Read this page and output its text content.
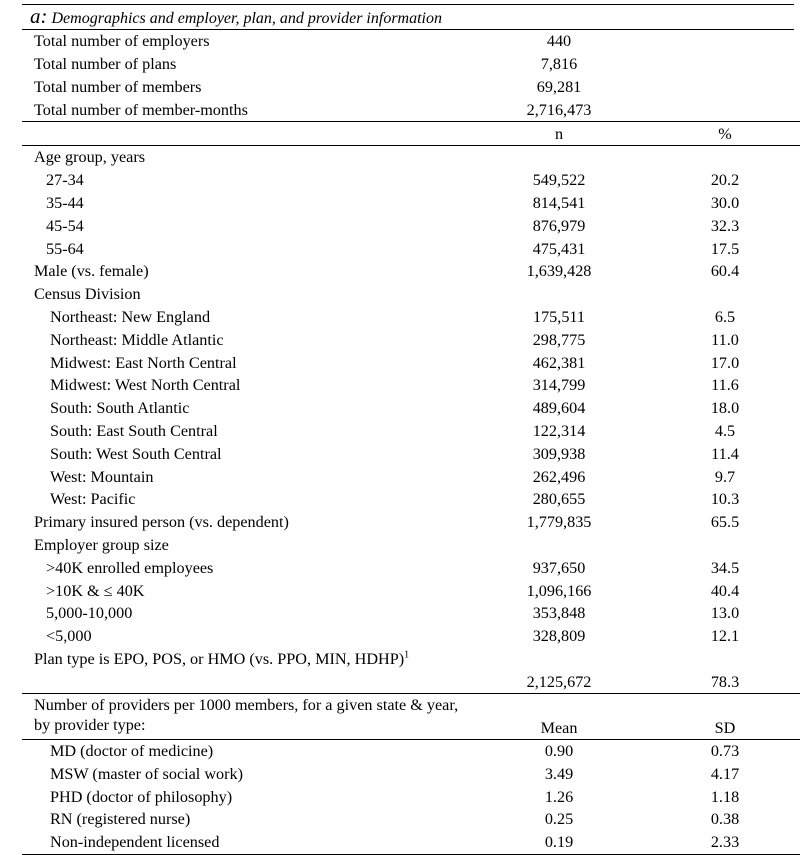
a: Demographics and employer, plan, and provider information
Total number of employers	440	
Total number of plans	7,816	
Total number of members	69,281	
Total number of member-months	2,716,473	
	n	%
Age group, years		
27-34	549,522	20.2
35-44	814,541	30.0
45-54	876,979	32.3
55-64	475,431	17.5
Male (vs. female)	1,639,428	60.4
Census Division		
Northeast: New England	175,511	6.5
Northeast: Middle Atlantic	298,775	11.0
Midwest: East North Central	462,381	17.0
Midwest: West North Central	314,799	11.6
South: South Atlantic	489,604	18.0
South: East South Central	122,314	4.5
South: West South Central	309,938	11.4
West: Mountain	262,496	9.7
West: Pacific	280,655	10.3
Primary insured person (vs. dependent)	1,779,835	65.5
Employer group size		
>40K enrolled employees	937,650	34.5
>10K & ≤ 40K	1,096,166	40.4
5,000-10,000	353,848	13.0
<5,000	328,809	12.1
Plan type is EPO, POS, or HMO (vs. PPO, MIN, HDHP)$^1$	2,125,672	78.3
Number of providers per 1000 members, for a given state & year, by provider type:	Mean	SD
MD (doctor of medicine)	0.90	0.73
MSW (master of social work)	3.49	4.17
PHD (doctor of philosophy)	1.26	1.18
RN (registered nurse)	0.25	0.38
Non-independent licensed	0.19	2.33
